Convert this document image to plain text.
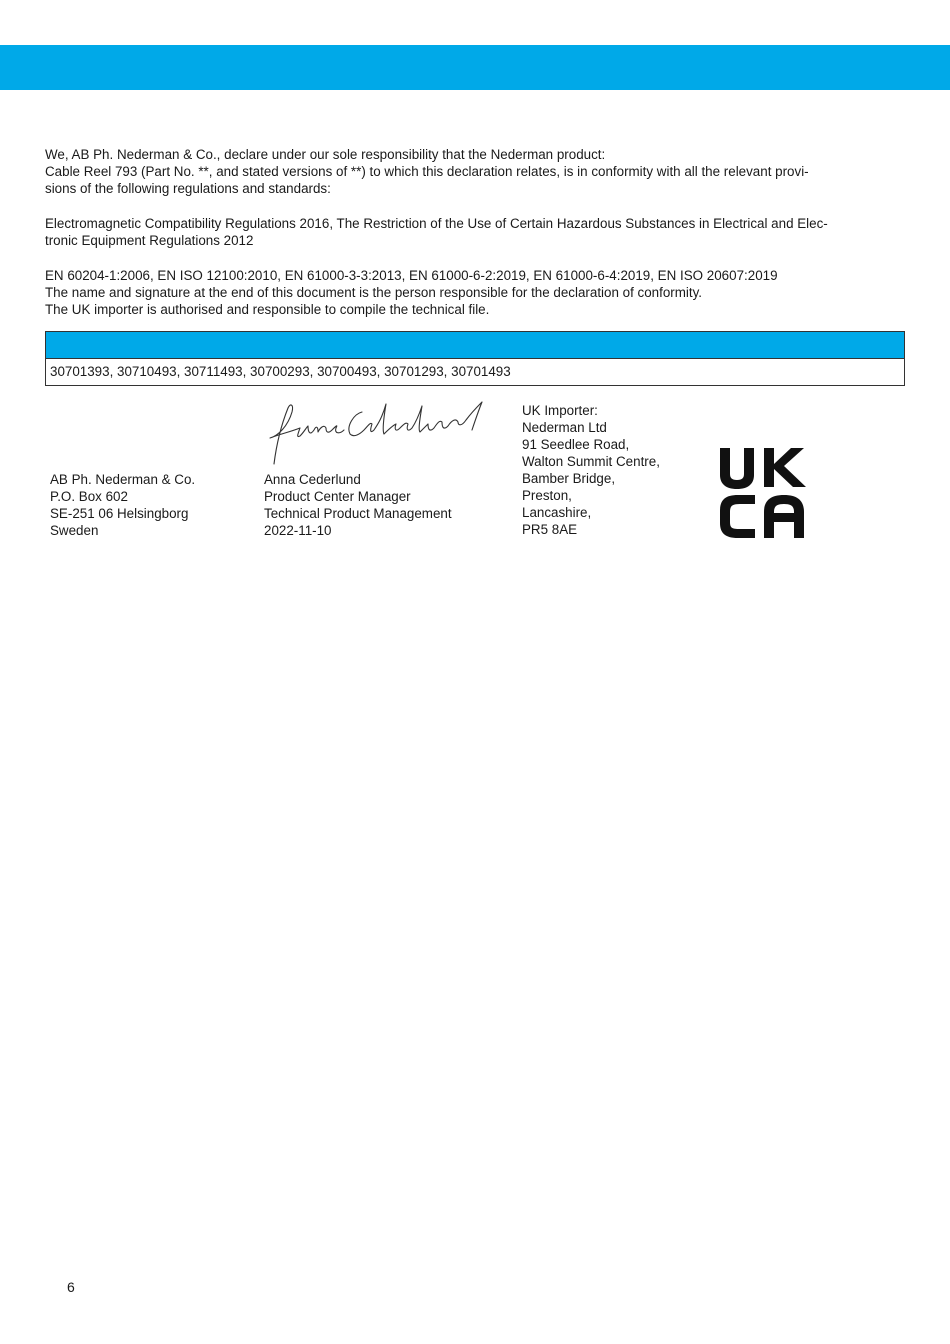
We, AB Ph. Nederman & Co., declare under our sole responsibility that the Nederman product:

Cable Reel 793 (Part No. **, and stated versions of **) to which this declaration relates, is in conformity with all the relevant provi-

sions of the following regulations and standards:

Electromagnetic Compatibility Regulations 2016, The Restriction of the Use of Certain Hazardous Substances in Electrical and Elec-

tronic Equipment Regulations 2012

EN 60204-1:2006, EN ISO 12100:2010, EN 61000-3-3:2013, EN 61000-6-2:2019, EN 61000-6-4:2019, EN ISO 20607:2019

The name and signature at the end of this document is the person responsible for the declaration of conformity.

The UK importer is authorised and responsible to compile the technical file.

30701393, 30710493, 30711493, 30700293, 30700493, 30701293, 30701493
AB Ph. Nederman & Co.
P.O. Box 602
SE-251 06 Helsingborg
Sweden
Anna Cederlund
Product Center Manager
Technical Product Management
2022-11-10
UK Importer:
Nederman Ltd
91 Seedlee Road,
Walton Summit Centre,
Bamber Bridge,
Preston,
Lancashire,
PR5 8AE
6
